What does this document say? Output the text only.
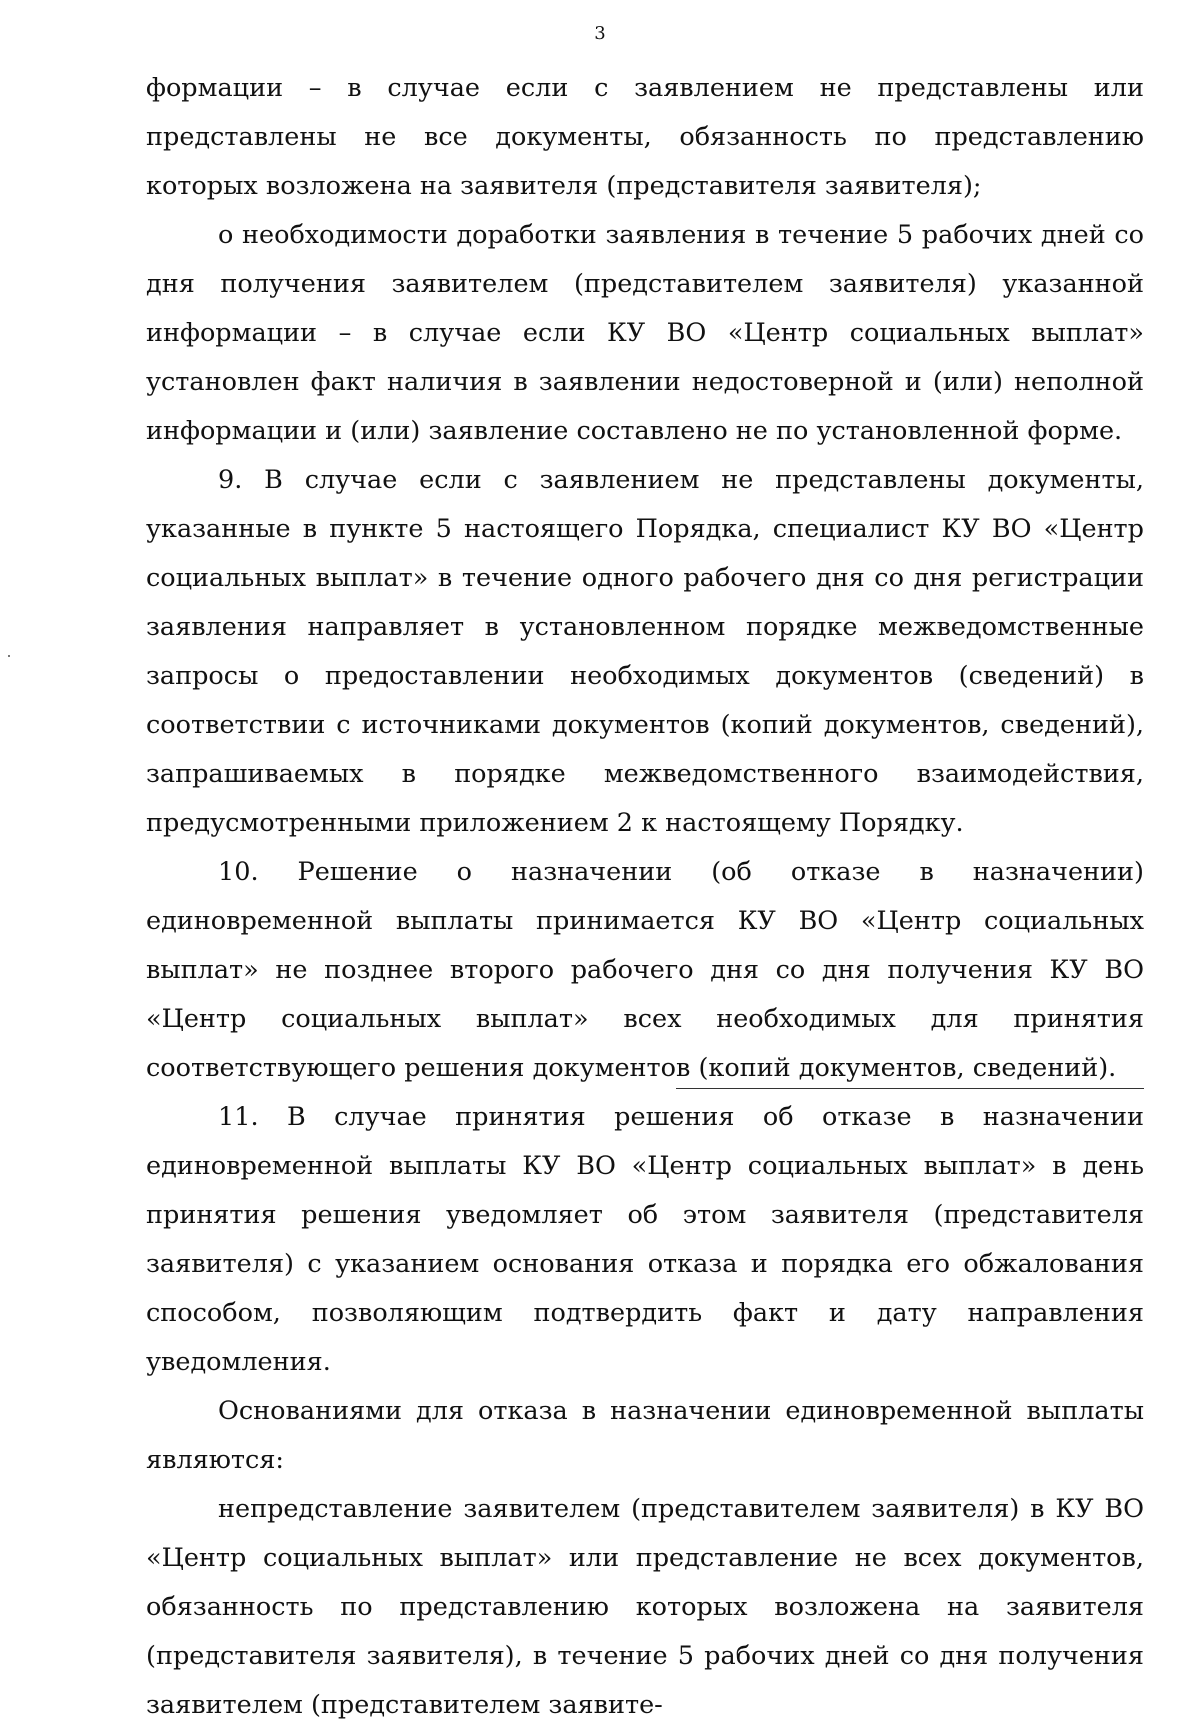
3

формации – в случае если с заявлением не представлены или представлены не все документы, обязанность по представлению которых возложена на заявителя (представителя заявителя);

о необходимости доработки заявления в течение 5 рабочих дней со дня получения заявителем (представителем заявителя) указанной информации – в случае если КУ ВО «Центр социальных выплат» установлен факт наличия в заявлении недостоверной и (или) неполной информации и (или) заявление составлено не по установленной форме.

9. В случае если с заявлением не представлены документы, указанные в пункте 5 настоящего Порядка, специалист КУ ВО «Центр социальных выплат» в течение одного рабочего дня со дня регистрации заявления направляет в установленном порядке межведомственные запросы о предоставлении необходимых документов (сведений) в соответствии с источниками документов (копий документов, сведений), запрашиваемых в порядке межведомственного взаимодействия, предусмотренными приложением 2 к настоящему Порядку.

10. Решение о назначении (об отказе в назначении) единовременной выплаты принимается КУ ВО «Центр социальных выплат» не позднее второго рабочего дня со дня получения КУ ВО «Центр социальных выплат» всех необходимых для принятия соответствующего решения документов (копий документов, сведений).

11. В случае принятия решения об отказе в назначении единовременной выплаты КУ ВО «Центр социальных выплат» в день принятия решения уведомляет об этом заявителя (представителя заявителя) с указанием основания отказа и порядка его обжалования способом, позволяющим подтвердить факт и дату направления уведомления.

Основаниями для отказа в назначении единовременной выплаты являются:

непредставление заявителем (представителем заявителя) в КУ ВО «Центр социальных выплат» или представление не всех документов, обязанность по представлению которых возложена на заявителя (представителя заявителя), в течение 5 рабочих дней со дня получения заявителем (представителем заявите-
